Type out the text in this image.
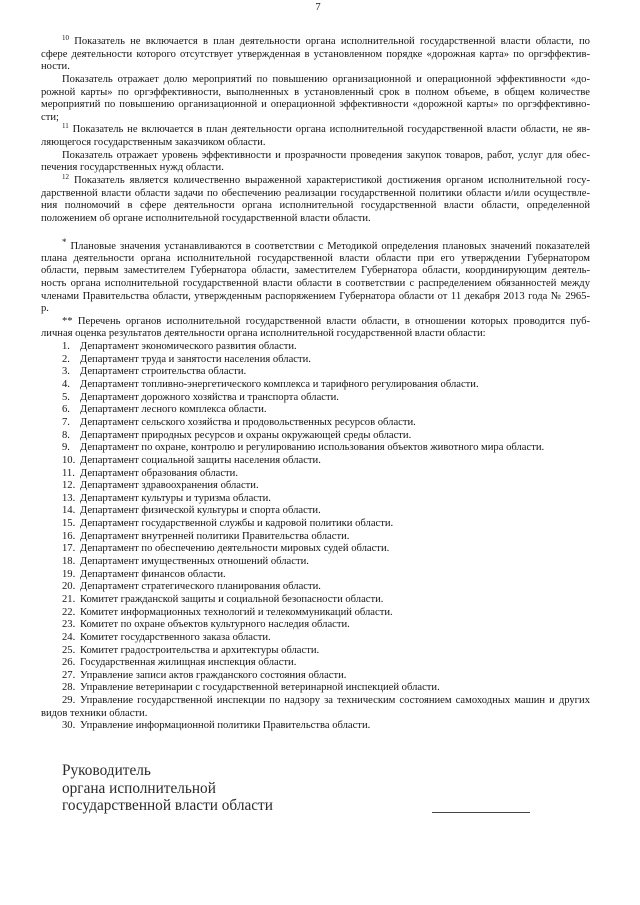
7
$^{10}$ Показатель не включается в план деятельности органа исполнительной государственной власти области, по
сфере деятельности которого отсутствует утвержденная в установленном порядке «дорожная карта» по оргэффектив-
ности.
Показатель отражает долю мероприятий по повышению организационной и операционной эффективности «до-
рожной карты» по оргэффективности, выполненных в установленный срок в полном объеме, в общем количестве
мероприятий по повышению организационной и операционной эффективности «дорожной карты» по оргэффективно-
сти;
$^{11}$ Показатель не включается в план деятельности органа исполнительной государственной власти области, не яв-
ляющегося государственным заказчиком области.
Показатель отражает уровень эффективности и прозрачности проведения закупок товаров, работ, услуг для обес-
печения государственных нужд области.
$^{12}$ Показатель является количественно выраженной характеристикой достижения органом исполнительной госу-
дарственной власти области задачи по обеспечению реализации государственной политики области и/или осуществле-
ния полномочий в сфере деятельности органа исполнительной государственной власти области, определенной
положением об органе исполнительной государственной власти области.
* Плановые значения устанавливаются в соответствии с Методикой определения плановых значений показателей
плана деятельности органа исполнительной государственной власти области при его утверждении Губернатором
области, первым заместителем Губернатора области, заместителем Губернатора области, координирующим деятель-
ность органа исполнительной государственной власти области в соответствии с распределением обязанностей между
членами Правительства области, утвержденным распоряжением Губернатора области от 11 декабря 2013 года № 2965-
р.
** Перечень органов исполнительной государственной власти области, в отношении которых проводится пуб-
личная оценка результатов деятельности органа исполнительной государственной власти области:
1. Департамент экономического развития области.
2. Департамент труда и занятости населения области.
3. Департамент строительства области.
4. Департамент топливно-энергетического комплекса и тарифного регулирования области.
5. Департамент дорожного хозяйства и транспорта области.
6. Департамент лесного комплекса области.
7. Департамент сельского хозяйства и продовольственных ресурсов области.
8. Департамент природных ресурсов и охраны окружающей среды области.
9. Департамент по охране, контролю и регулированию использования объектов животного мира области.
10. Департамент социальной защиты населения области.
11. Департамент образования области.
12. Департамент здравоохранения области.
13. Департамент культуры и туризма области.
14. Департамент физической культуры и спорта области.
15. Департамент государственной службы и кадровой политики области.
16. Департамент внутренней политики Правительства области.
17. Департамент по обеспечению деятельности мировых судей области.
18. Департамент имущественных отношений области.
19. Департамент финансов области.
20. Департамент стратегического планирования области.
21. Комитет гражданской защиты и социальной безопасности области.
22. Комитет информационных технологий и телекоммуникаций области.
23. Комитет по охране объектов культурного наследия области.
24. Комитет государственного заказа области.
25. Комитет градостроительства и архитектуры области.
26. Государственная жилищная инспекция области.
27. Управление записи актов гражданского состояния области.
28. Управление ветеринарии с государственной ветеринарной инспекцией области.
29. Управление государственной инспекции по надзору за техническим состоянием самоходных машин и других
видов техники области.
30. Управление информационной политики Правительства области.
Руководитель
органа исполнительной
государственной власти области
